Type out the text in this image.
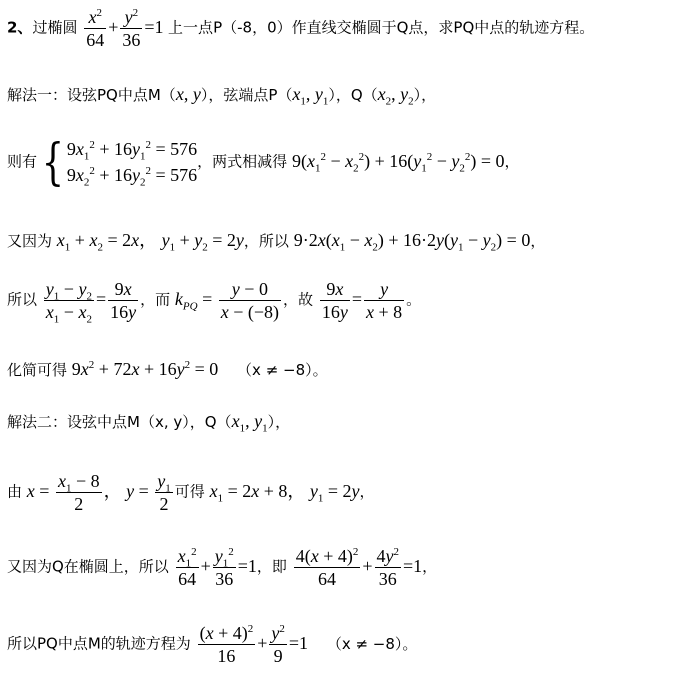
2、过椭圆 $\frac{x^2}{64} + \frac{y^2}{36} =1$ 上一点P（-8，0）作直线交椭圆于Q点，求PQ中点的轨迹方程。
解法一：设弦PQ中点M（x, y），弦端点$P(x_1$, $y_1$），$Q(x_2$, $y_2$），
则有{ $9x_1^2 + 16y_1^2 = 576$
$9x_2^2 + 16y_2^2 = 576$
，两式相减得 $9(x_1^2 - x_2^2) + 16(y_1^2 - y_2^2) = 0$，
又因为 $x_1 + x_2 = 2x$， $y_1 + y_2 = 2y$，所以 $9\cdot 2x(x_1 - x_2) + 16\cdot 2y(y_1 - y_2) = 0$，
所以 $\frac{y_1 - y_2}{x_1 - x_2} = \frac{9x}{16y}$ ，而 $k_{PQ} = \frac{y - 0}{x - (-8)}$ ，故 $\frac{9x}{16y} = \frac{y}{x + 8}$ 。
化简可得 $9x^2 + 72x + 16y^2 = 0$ （x ≠ −8）。
解法二：设弦中点M（x, y），$Q(x_1$, $y_1$），
由 $x = \frac{x_1 - 8}{2}$ ， $y = \frac{y_1}{2}$ 可得 $x_1 = 2x + 8$， $y_1 = 2y$，
又因为Q在椭圆上，所以 $\frac{x_1^2}{64} + \frac{y_1^2}{36} =1$，即 $\frac{4(x + 4)^2}{64} + \frac{4y^2}{36} =1$，
所以PQ中点M的轨迹方程为 $\frac{(x + 4)^2}{16} + \frac{y^2}{9} =1$ （x ≠ −8）。
